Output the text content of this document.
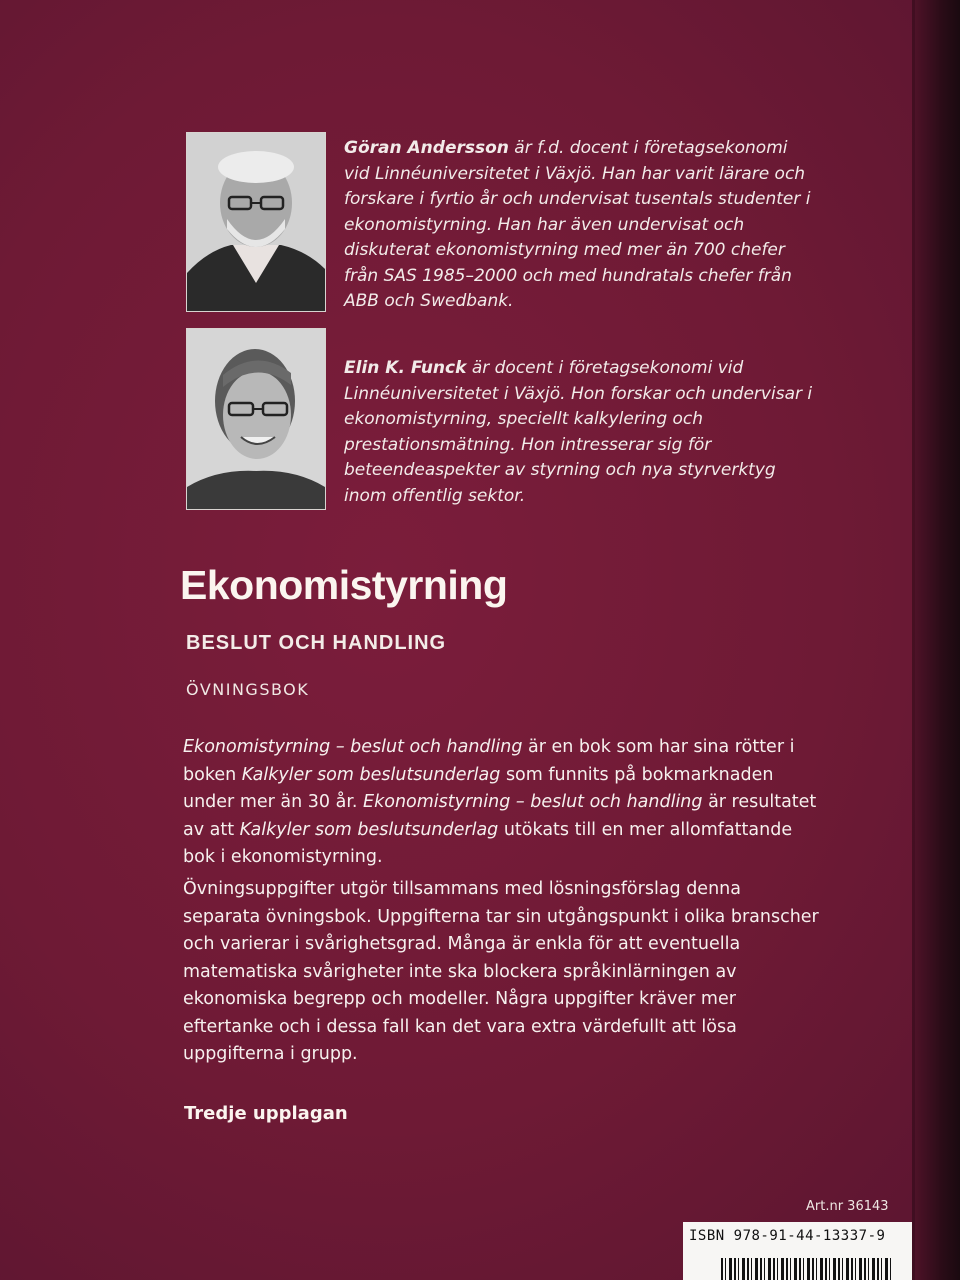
Göran Andersson är f.d. docent i företagsekonomi vid Linnéuniversitetet i Växjö. Han har varit lärare och forskare i fyrtio år och undervisat tusentals studenter i ekonomistyrning. Han har även undervisat och diskuterat ekonomistyrning med mer än 700 chefer från SAS 1985–2000 och med hundratals chefer från ABB och Swedbank.

Elin K. Funck är docent i företagsekonomi vid Linnéuniversitetet i Växjö. Hon forskar och undervisar i ekonomistyrning, speciellt kalkylering och prestationsmätning. Hon intresserar sig för beteendeaspekter av styrning och nya styrverktyg inom offentlig sektor.

Ekonomistyrning
BESLUT OCH HANDLING

ÖVNINGSBOK

Ekonomistyrning – beslut och handling är en bok som har sina rötter i boken Kalkyler som beslutsunderlag som funnits på bokmarknaden under mer än 30 år. Ekonomistyrning – beslut och handling är resultatet av att Kalkyler som beslutsunderlag utökats till en mer allomfattande bok i ekonomistyrning.

Övningsuppgifter utgör tillsammans med lösningsförslag denna separata övningsbok. Uppgifterna tar sin utgångspunkt i olika branscher och varierar i svårighetsgrad. Många är enkla för att eventuella matematiska svårigheter inte ska blockera språkinlärningen av ekonomiska begrepp och modeller. Några uppgifter kräver mer eftertanke och i dessa fall kan det vara extra värdefullt att lösa uppgifterna i grupp.

Tredje upplagan

Art.nr 36143

ISBN 978-91-44-13337-9
